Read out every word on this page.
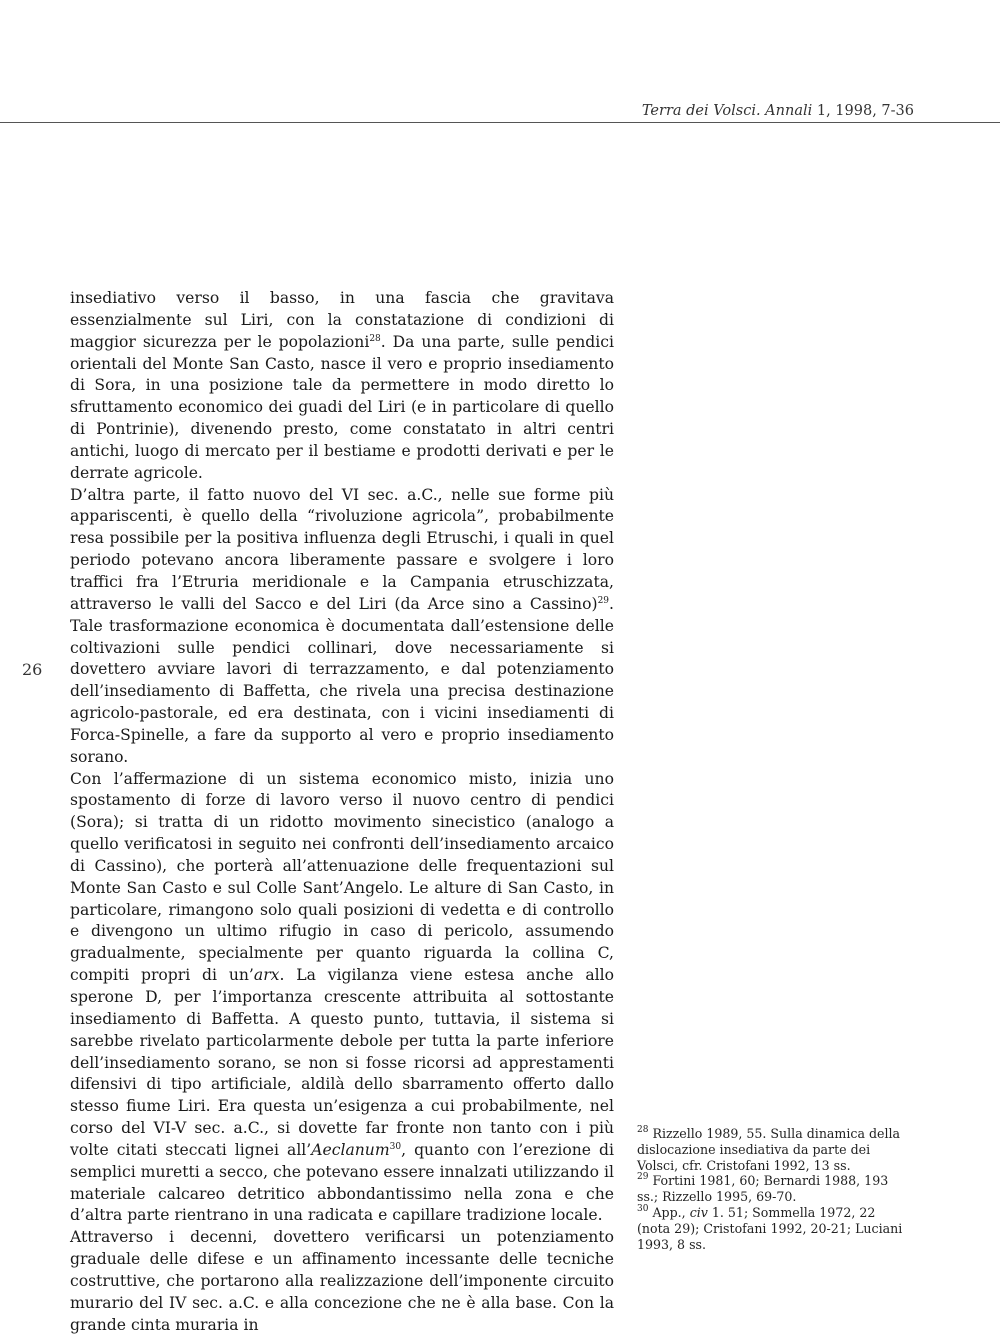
Terra dei Volsci. Annali 1, 1998, 7-36
26

insediativo verso il basso, in una fascia che gravitava essenzialmente sul Liri, con la constatazione di condizioni di maggior sicurezza per le popolazioni$^{28}$. Da una parte, sulle pendici orientali del Monte San Casto, nasce il vero e proprio insediamento di Sora, in una posizione tale da permettere in modo diretto lo sfruttamento economico dei guadi del Liri (e in particolare di quello di Pontrinie), divenendo presto, come constatato in altri centri antichi, luogo di mercato per il bestiame e prodotti derivati e per le derrate agricole.

D’altra parte, il fatto nuovo del VI sec. a.C., nelle sue forme più appariscenti, è quello della “rivoluzione agricola”, probabilmente resa possibile per la positiva influenza degli Etruschi, i quali in quel periodo potevano ancora liberamente passare e svolgere i loro traffici fra l’Etruria meridionale e la Campania etruschizzata, attraverso le valli del Sacco e del Liri (da Arce sino a Cassino)$^{29}$. Tale trasformazione economica è documentata dall’estensione delle coltivazioni sulle pendici collinari, dove necessariamente si dovettero avviare lavori di terrazzamento, e dal potenziamento dell’insediamento di Baffetta, che rivela una precisa destinazione agricolo-pastorale, ed era destinata, con i vicini insediamenti di Forca-Spinelle, a fare da supporto al vero e proprio insediamento sorano.

Con l’affermazione di un sistema economico misto, inizia uno spostamento di forze di lavoro verso il nuovo centro di pendici (Sora); si tratta di un ridotto movimento sinecistico (analogo a quello verificatosi in seguito nei confronti dell’insediamento arcaico di Cassino), che porterà all’attenuazione delle frequentazioni sul Monte San Casto e sul Colle Sant’Angelo. Le alture di San Casto, in particolare, rimangono solo quali posizioni di vedetta e di controllo e divengono un ultimo rifugio in caso di pericolo, assumendo gradualmente, specialmente per quanto riguarda la collina C, compiti propri di un’arx. La vigilanza viene estesa anche allo sperone D, per l’importanza crescente attribuita al sottostante insediamento di Baffetta. A questo punto, tuttavia, il sistema si sarebbe rivelato particolarmente debole per tutta la parte inferiore dell’insediamento sorano, se non si fosse ricorsi ad apprestamenti difensivi di tipo artificiale, aldilà dello sbarramento offerto dallo stesso fiume Liri. Era questa un’esigenza a cui probabilmente, nel corso del VI-V sec. a.C., si dovette far fronte non tanto con i più volte citati steccati lignei all’Aeclanum$^{30}$, quanto con l’erezione di semplici muretti a secco, che potevano essere innalzati utilizzando il materiale calcareo detritico abbondantissimo nella zona e che d’altra parte rientrano in una radicata e capillare tradizione locale.

Attraverso i decenni, dovettero verificarsi un potenziamento graduale delle difese e un affinamento incessante delle tecniche costruttive, che portarono alla realizzazione dell’imponente circuito murario del IV sec. a.C. e alla concezione che ne è alla base. Con la grande cinta muraria in

$^{28}$ Rizzello 1989, 55. Sulla dinamica della dislocazione insediativa da parte dei Volsci, cfr. Cristofani 1992, 13 ss.

$^{29}$ Fortini 1981, 60; Bernardi 1988, 193 ss.; Rizzello 1995, 69-70.

$^{30}$ App., civ 1. 51; Sommella 1972, 22 (nota 29); Cristofani 1992, 20-21; Luciani 1993, 8 ss.
